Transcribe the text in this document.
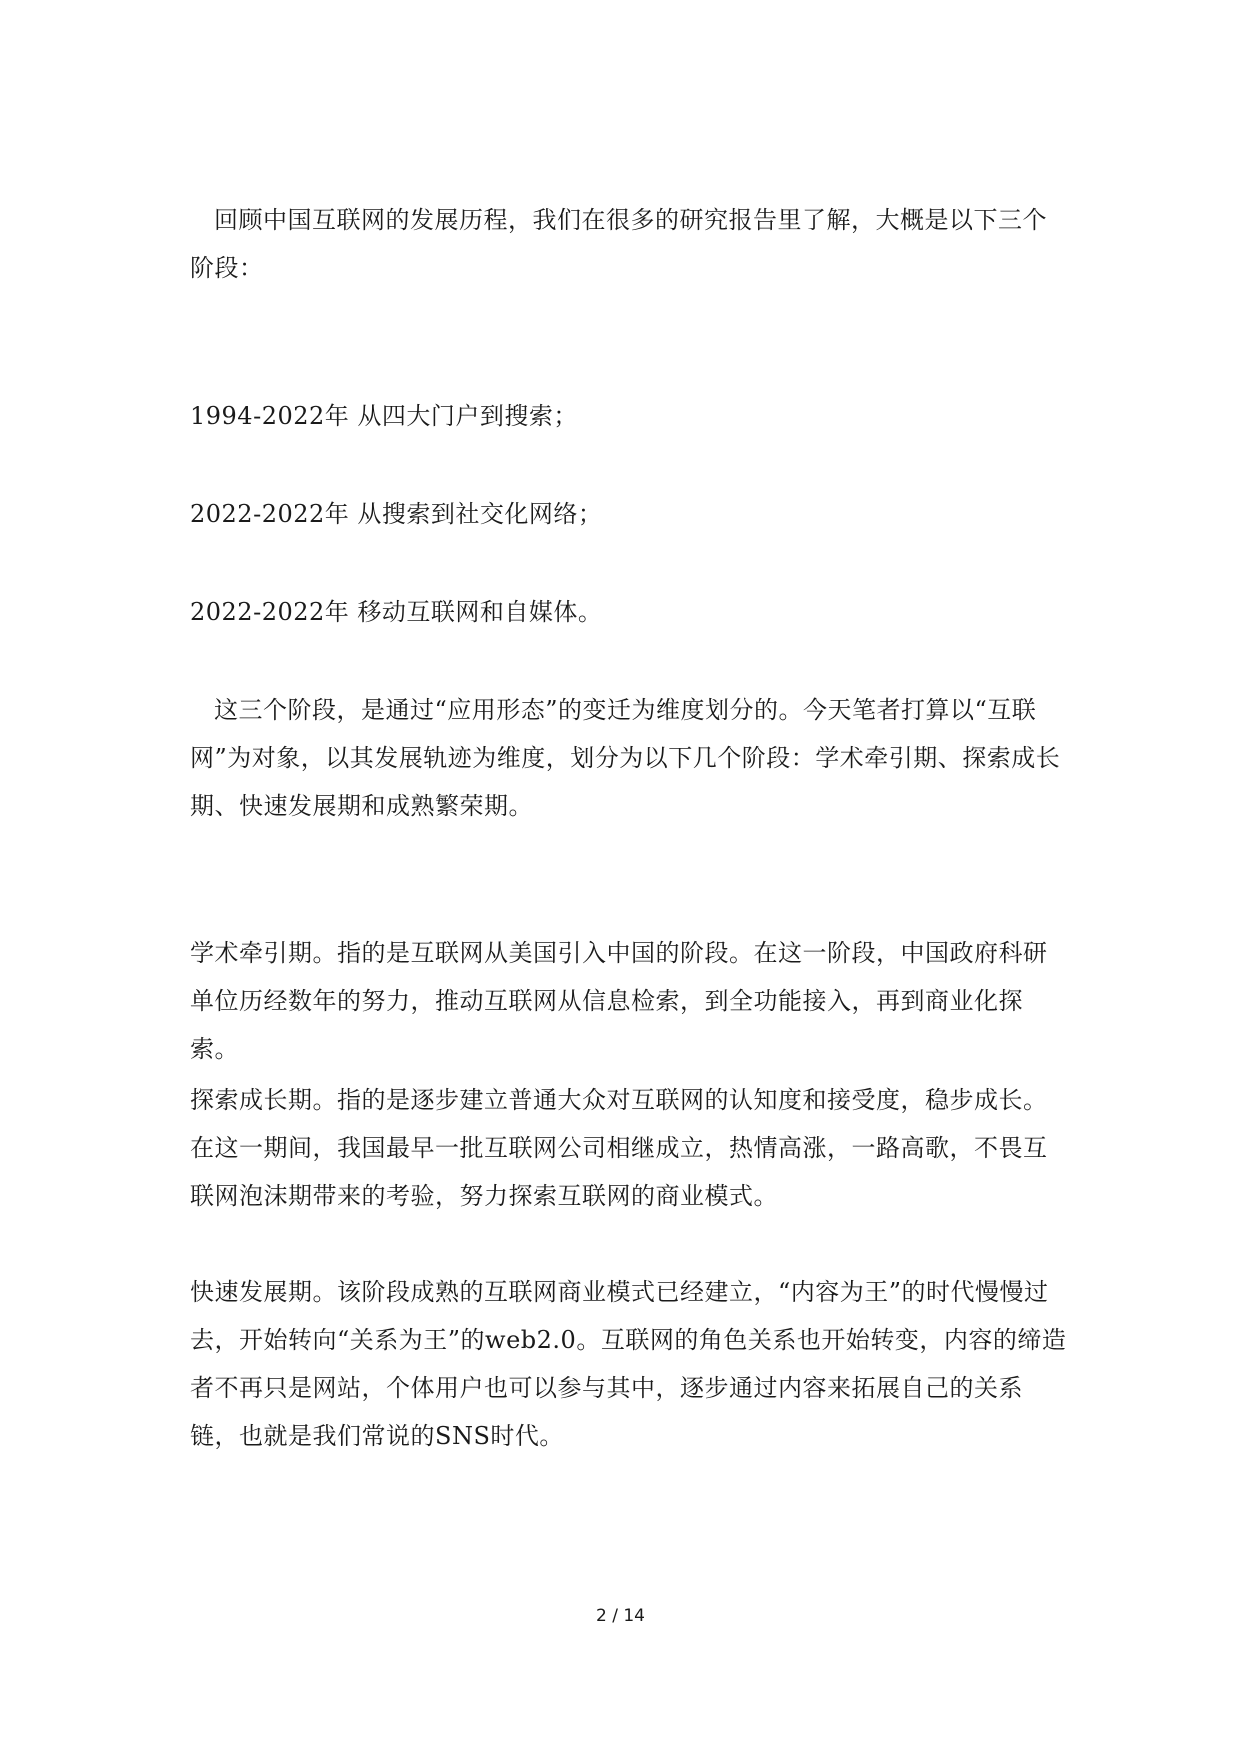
回顾中国互联网的发展历程，我们在很多的研究报告里了解，大概是以下三个阶段：

1994-2022年 从四大门户到搜索；

2022-2022年 从搜索到社交化网络；

2022-2022年 移动互联网和自媒体。

这三个阶段，是通过“应用形态”的变迁为维度划分的。今天笔者打算以“互联网”为对象，以其发展轨迹为维度，划分为以下几个阶段：学术牵引期、探索成长期、快速发展期和成熟繁荣期。

学术牵引期。指的是互联网从美国引入中国的阶段。在这一阶段，中国政府科研单位历经数年的努力，推动互联网从信息检索，到全功能接入，再到商业化探索。

探索成长期。指的是逐步建立普通大众对互联网的认知度和接受度，稳步成长。在这一期间，我国最早一批互联网公司相继成立，热情高涨，一路高歌，不畏互联网泡沫期带来的考验，努力探索互联网的商业模式。

快速发展期。该阶段成熟的互联网商业模式已经建立，“内容为王”的时代慢慢过去，开始转向“关系为王”的web2.0。互联网的角色关系也开始转变，内容的缔造者不再只是网站，个体用户也可以参与其中，逐步通过内容来拓展自己的关系链，也就是我们常说的SNS时代。

2 / 14
